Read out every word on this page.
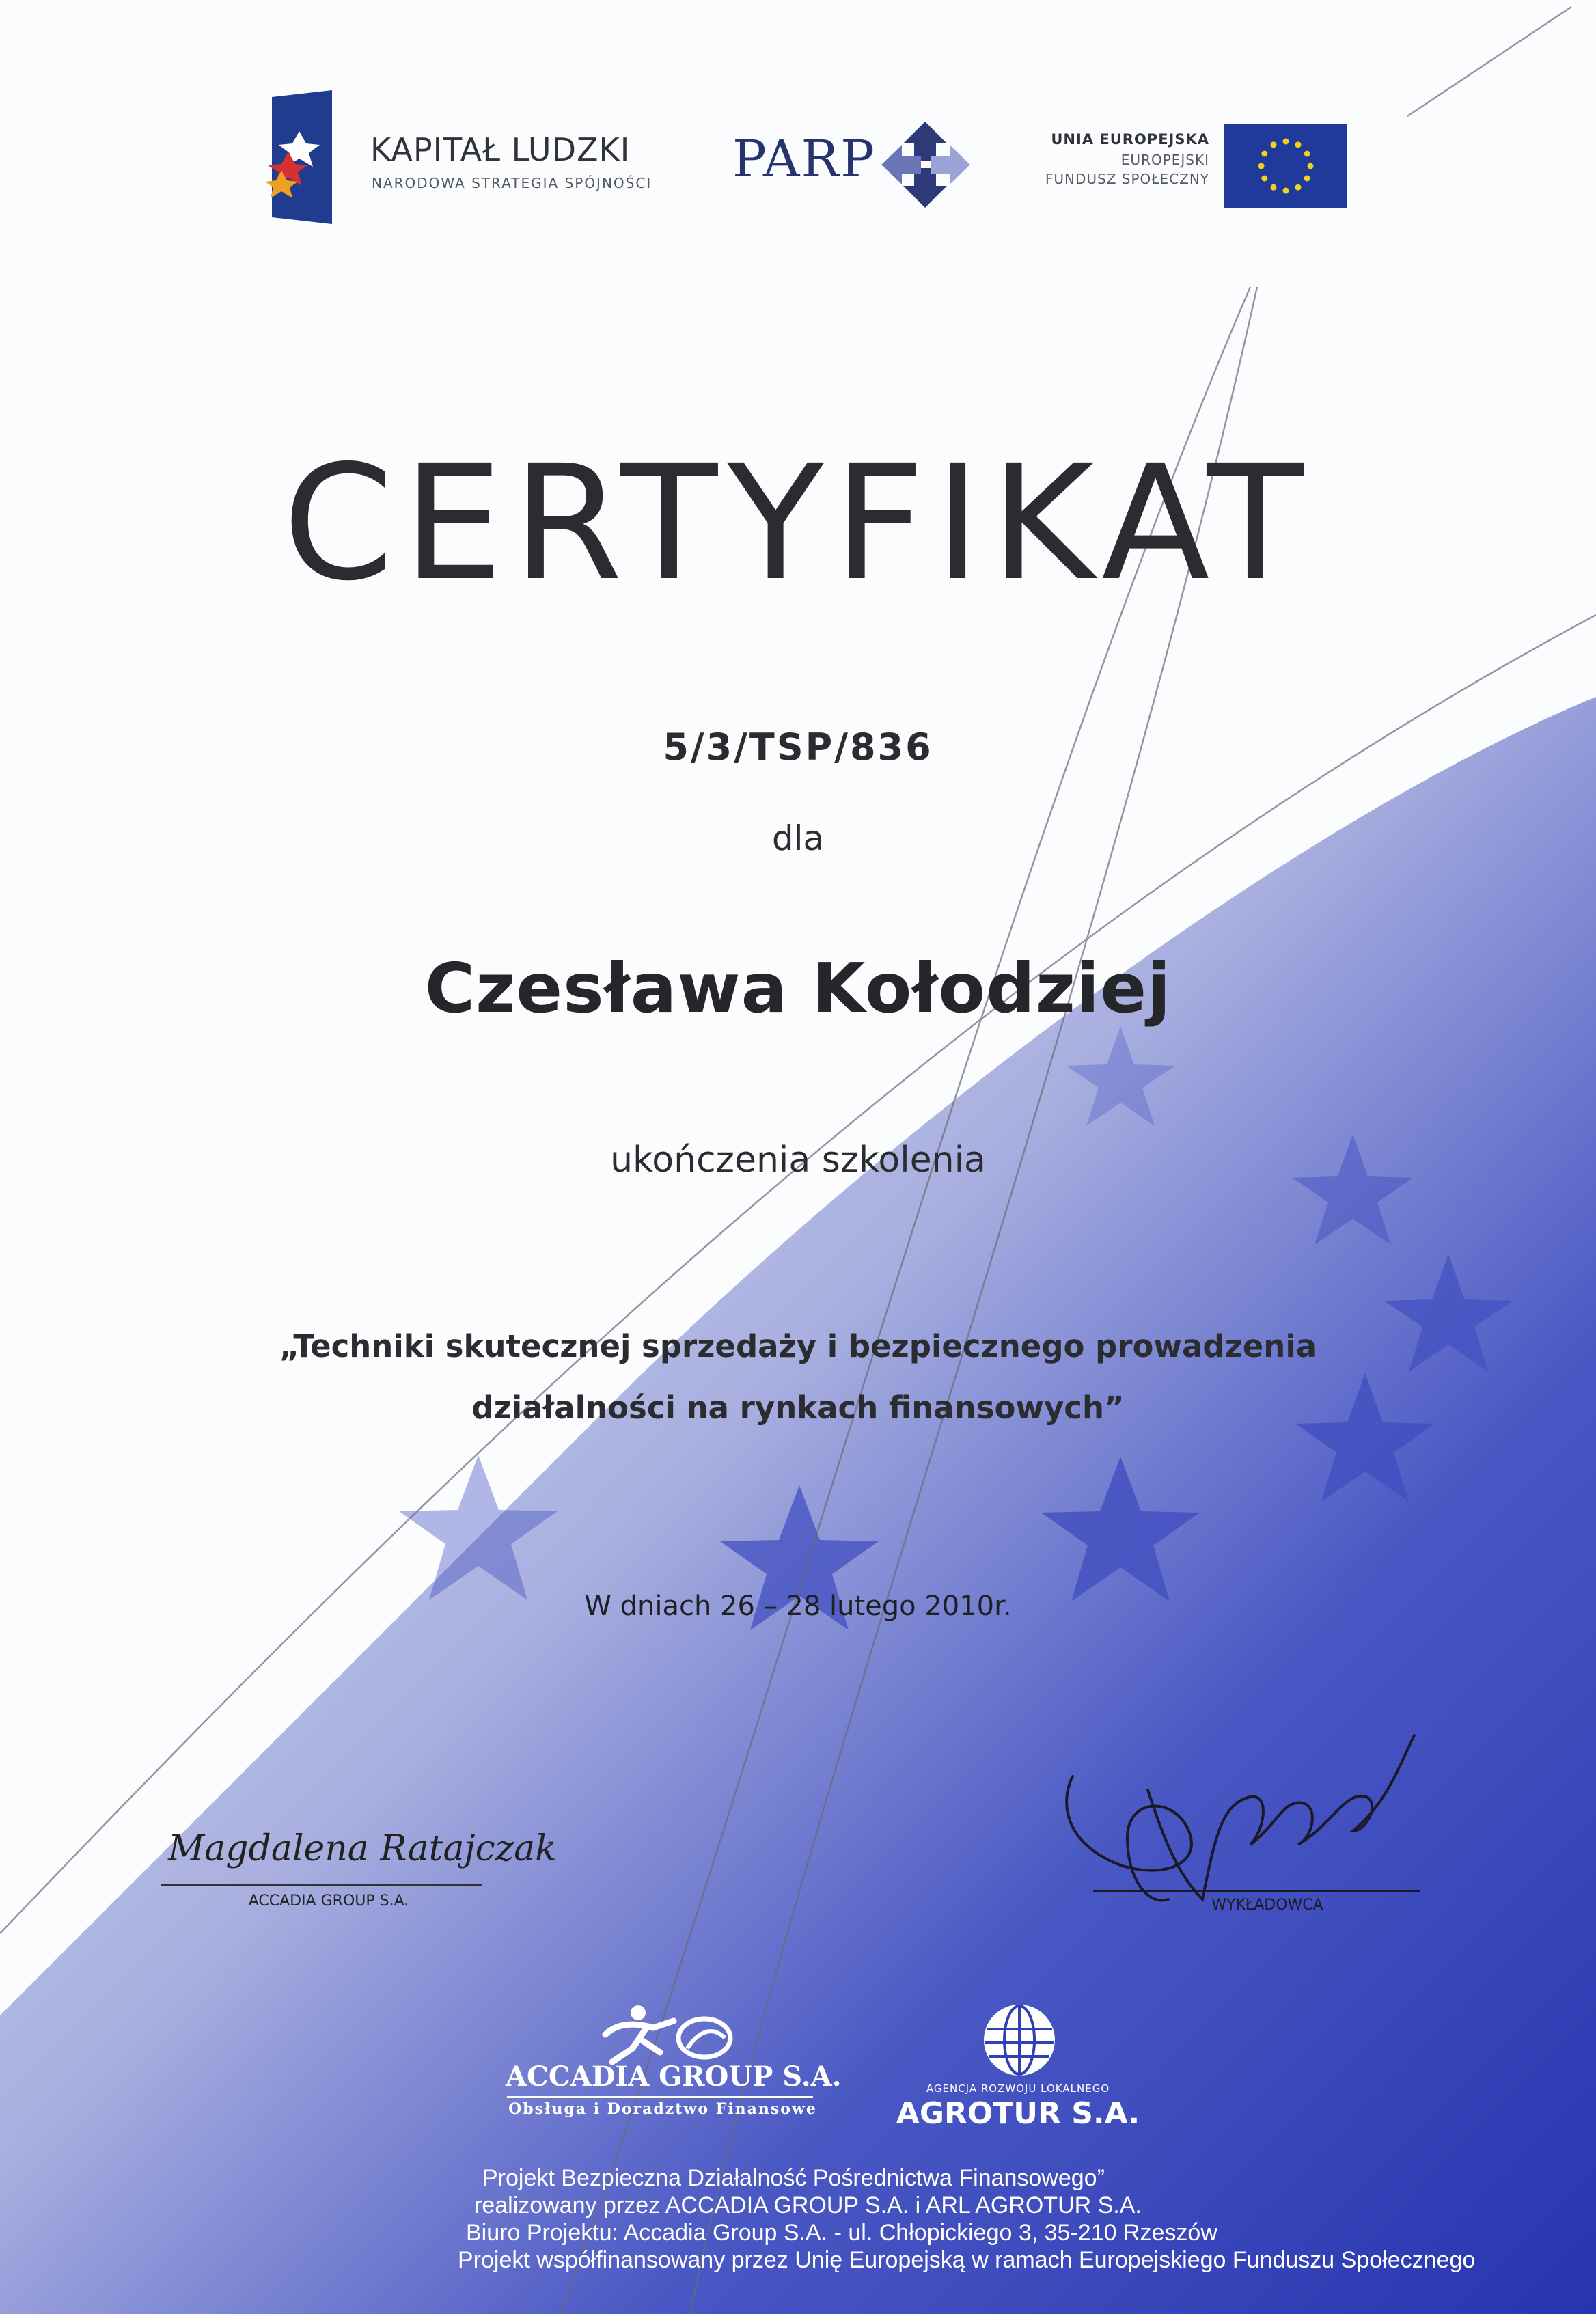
KAPITAŁ LUDZKI
NARODOWA STRATEGIA SPÓJNOŚCI PARP	UNIA EUROPEJSKA
EUROPEJSKI
FUNDUSZ SPOŁECZNY
CERTYFIKAT
5/3/TSP/836
dla
Czesława Kołodziej
ukończenia szkolenia
„Techniki skutecznej sprzedaży i bezpiecznego prowadzenia
działalności na rynkach finansowych”
W dniach 26 – 28 lutego 2010r.
Magdalena Ratajczak
ACCADIA GROUP S.A.	WYKŁADOWCA
ACCADIA GROUP S.A.
Obsługa i Doradztwo Finansowe
AGENCJA ROZWOJU LOKALNEGO
AGROTUR S.A.
Projekt Bezpieczna Działalność Pośrednictwa Finansowego”
realizowany przez ACCADIA GROUP S.A. i ARL AGROTUR S.A.
Biuro Projektu: Accadia Group S.A. - ul. Chłopickiego 3, 35-210 Rzeszów
Projekt współfinansowany przez Unię Europejską w ramach Europejskiego Funduszu Społecznego
